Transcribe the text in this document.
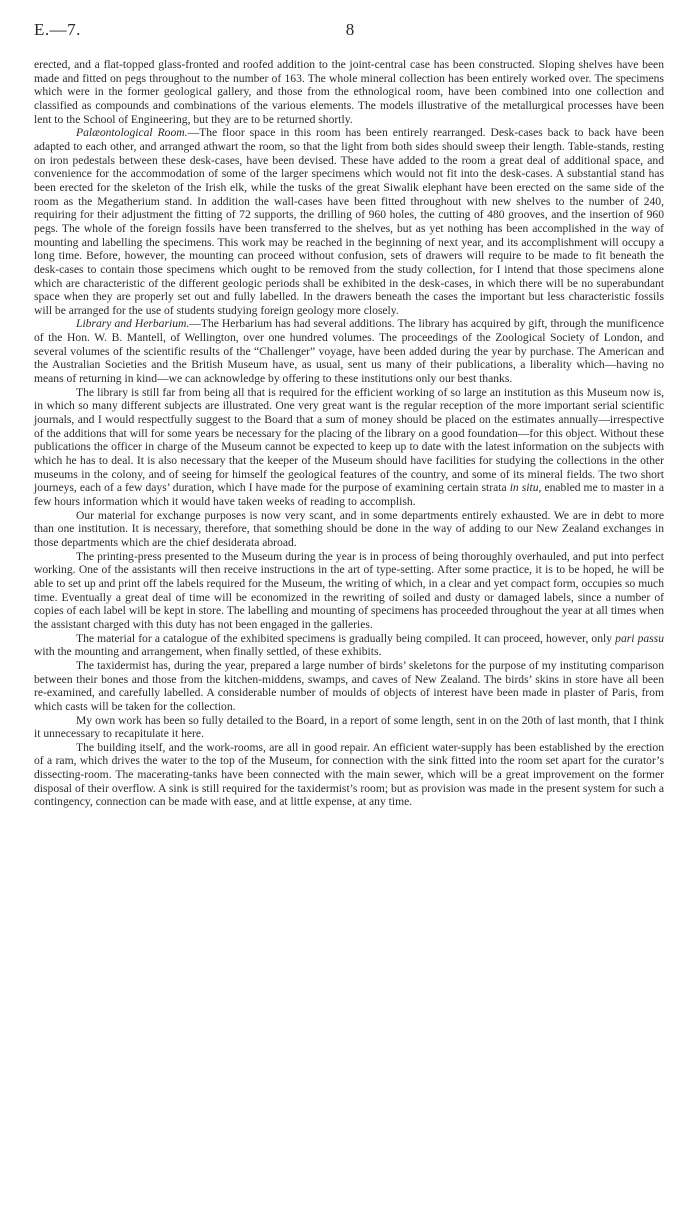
E.—7.	8

erected, and a flat-topped glass-fronted and roofed addition to the joint-central case has been constructed. Sloping shelves have been made and fitted on pegs throughout to the number of 163. The whole mineral collection has been entirely worked over. The specimens which were in the former geological gallery, and those from the ethnological room, have been combined into one collection and classified as compounds and combinations of the various elements. The models illustrative of the metallurgical processes have been lent to the School of Engineering, but they are to be returned shortly.

Palæontological Room.—The floor space in this room has been entirely rearranged. Desk-cases back to back have been adapted to each other, and arranged athwart the room, so that the light from both sides should sweep their length. Table-stands, resting on iron pedestals between these desk-cases, have been devised. These have added to the room a great deal of additional space, and convenience for the accommodation of some of the larger specimens which would not fit into the desk-cases. A substantial stand has been erected for the skeleton of the Irish elk, while the tusks of the great Siwalik elephant have been erected on the same side of the room as the Megatherium stand. In addition the wall-cases have been fitted throughout with new shelves to the number of 240, requiring for their adjustment the fitting of 72 supports, the drilling of 960 holes, the cutting of 480 grooves, and the insertion of 960 pegs. The whole of the foreign fossils have been transferred to the shelves, but as yet nothing has been accomplished in the way of mounting and labelling the specimens. This work may be reached in the beginning of next year, and its accomplishment will occupy a long time. Before, however, the mounting can proceed without confusion, sets of drawers will require to be made to fit beneath the desk-cases to contain those specimens which ought to be removed from the study collection, for I intend that those specimens alone which are characteristic of the different geologic periods shall be exhibited in the desk-cases, in which there will be no superabundant space when they are properly set out and fully labelled. In the drawers beneath the cases the important but less characteristic fossils will be arranged for the use of students studying foreign geology more closely.

Library and Herbarium.—The Herbarium has had several additions. The library has acquired by gift, through the munificence of the Hon. W. B. Mantell, of Wellington, over one hundred volumes. The proceedings of the Zoological Society of London, and several volumes of the scientific results of the “Challenger” voyage, have been added during the year by purchase. The American and the Australian Societies and the British Museum have, as usual, sent us many of their publications, a liberality which—having no means of returning in kind—we can acknowledge by offering to these institutions only our best thanks.

The library is still far from being all that is required for the efficient working of so large an institution as this Museum now is, in which so many different subjects are illustrated. One very great want is the regular reception of the more important serial scientific journals, and I would respectfully suggest to the Board that a sum of money should be placed on the estimates annually—irrespective of the additions that will for some years be necessary for the placing of the library on a good foundation—for this object. Without these publications the officer in charge of the Museum cannot be expected to keep up to date with the latest information on the subjects with which he has to deal. It is also necessary that the keeper of the Museum should have facilities for studying the collections in the other museums in the colony, and of seeing for himself the geological features of the country, and some of its mineral fields. The two short journeys, each of a few days’ duration, which I have made for the purpose of examining certain strata in situ, enabled me to master in a few hours information which it would have taken weeks of reading to accomplish.

Our material for exchange purposes is now very scant, and in some departments entirely exhausted. We are in debt to more than one institution. It is necessary, therefore, that something should be done in the way of adding to our New Zealand exchanges in those departments which are the chief desiderata abroad.

The printing-press presented to the Museum during the year is in process of being thoroughly overhauled, and put into perfect working. One of the assistants will then receive instructions in the art of type-setting. After some practice, it is to be hoped, he will be able to set up and print off the labels required for the Museum, the writing of which, in a clear and yet compact form, occupies so much time. Eventually a great deal of time will be economized in the rewriting of soiled and dusty or damaged labels, since a number of copies of each label will be kept in store. The labelling and mounting of specimens has proceeded throughout the year at all times when the assistant charged with this duty has not been engaged in the galleries.

The material for a catalogue of the exhibited specimens is gradually being compiled. It can proceed, however, only pari passu with the mounting and arrangement, when finally settled, of these exhibits.

The taxidermist has, during the year, prepared a large number of birds’ skeletons for the purpose of my instituting comparison between their bones and those from the kitchen-middens, swamps, and caves of New Zealand. The birds’ skins in store have all been re-examined, and carefully labelled. A considerable number of moulds of objects of interest have been made in plaster of Paris, from which casts will be taken for the collection.

My own work has been so fully detailed to the Board, in a report of some length, sent in on the 20th of last month, that I think it unnecessary to recapitulate it here.

The building itself, and the work-rooms, are all in good repair. An efficient water-supply has been established by the erection of a ram, which drives the water to the top of the Museum, for connection with the sink fitted into the room set apart for the curator’s dissecting-room. The macerating-tanks have been connected with the main sewer, which will be a great improvement on the former disposal of their overflow. A sink is still required for the taxidermist’s room; but as provision was made in the present system for such a contingency, connection can be made with ease, and at little expense, at any time.
